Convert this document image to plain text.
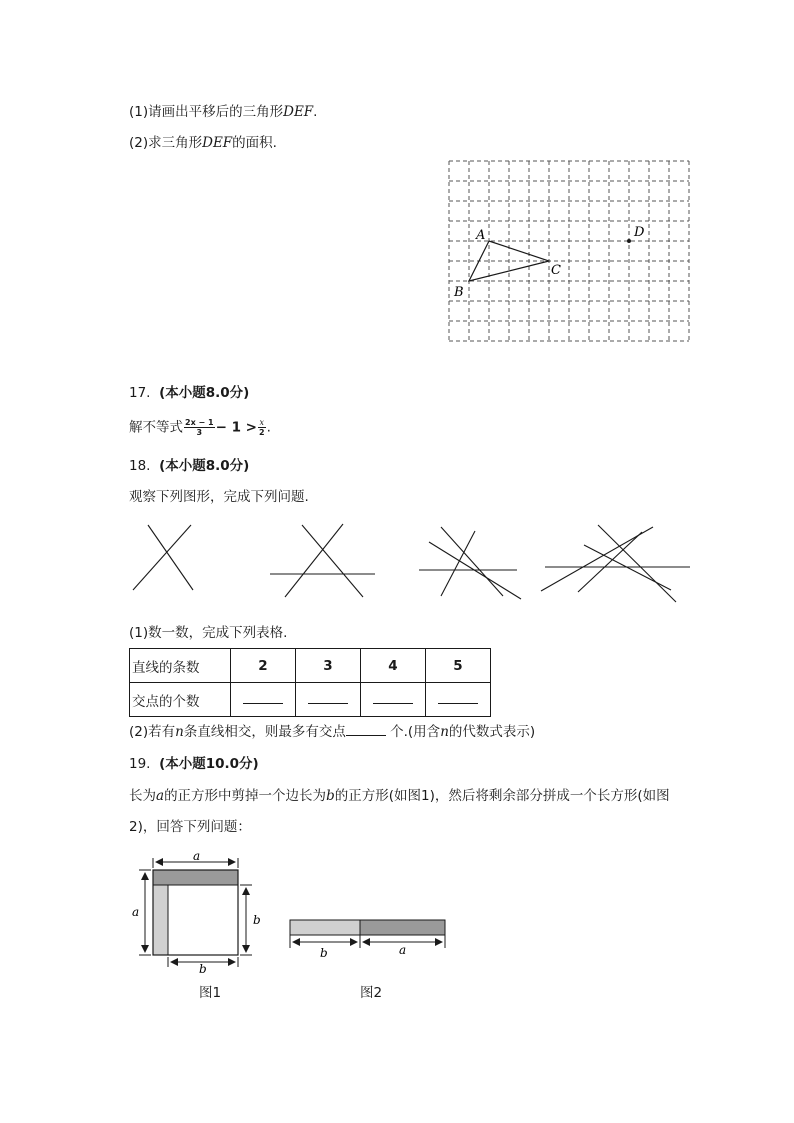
(1)请画出平移后的三角形DEF.
(2)求三角形DEF的面积.
A
B
C
D
17. (本小题8.0分)
解不等式 $\frac{2x - 1}{3} - 1 > \frac{x}{2}$ .
18. (本小题8.0分)
观察下列图形，完成下列问题.
(1)数一数，完成下列表格.
直线的条数	2	3	4	5
交点的个数				
(2)若有n条直线相交，则最多有交点	个.(用含n的代数式表示)
19. (本小题10.0分)
长为a的正方形中剪掉一个边长为b的正方形(如图1)，然后将剩余部分拼成一个长方形(如图
2)，回答下列问题：
a
a
b
b
b	a
图1	图2
